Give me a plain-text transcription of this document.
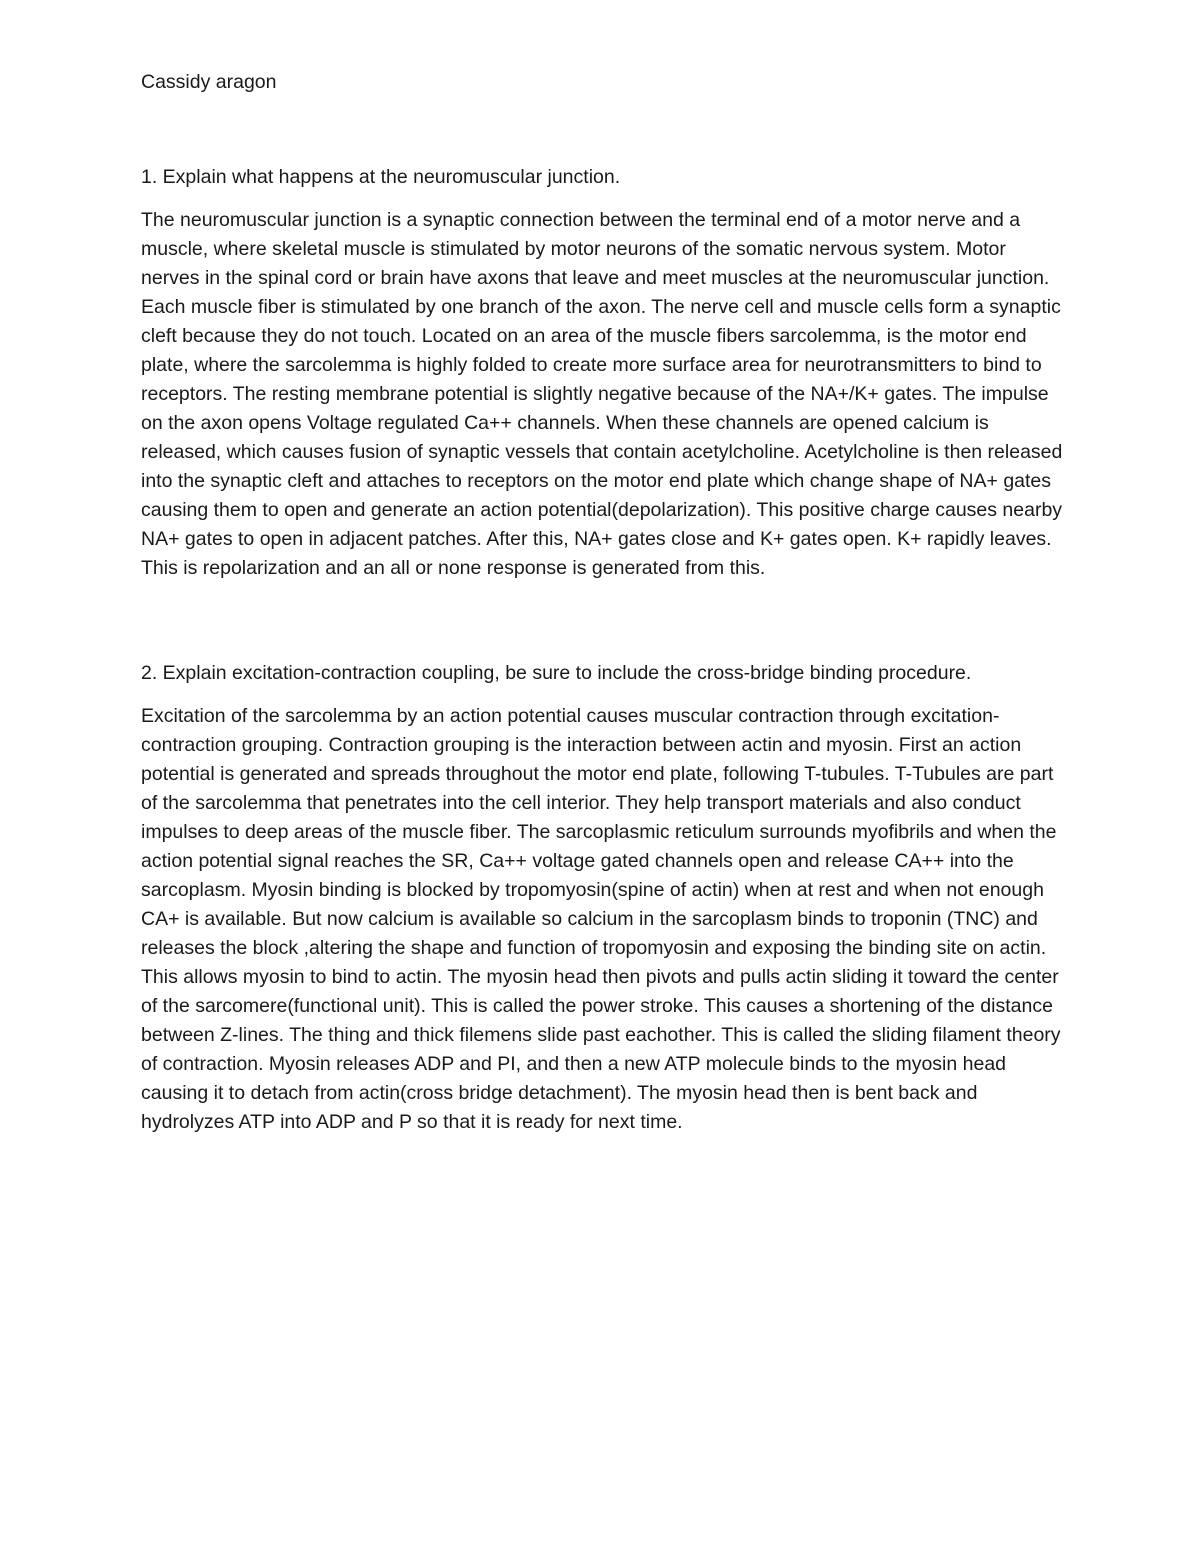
Cassidy aragon

1. Explain what happens at the neuromuscular junction.

The neuromuscular junction is a synaptic connection between the terminal end of a motor nerve and a muscle, where skeletal muscle is stimulated by motor neurons of the somatic nervous system. Motor nerves in the spinal cord or brain have axons that leave and meet muscles at the neuromuscular junction. Each muscle fiber is stimulated by one branch of the axon. The nerve cell and muscle cells form a synaptic cleft because they do not touch. Located on an area of the muscle fibers sarcolemma, is the motor end plate, where the sarcolemma is highly folded to create more surface area for neurotransmitters to bind to receptors. The resting membrane potential is slightly negative because of the NA+/K+ gates. The impulse on the axon opens Voltage regulated Ca++ channels. When these channels are opened calcium is released, which causes fusion of synaptic vessels that contain acetylcholine. Acetylcholine is then released into the synaptic cleft and attaches to receptors on the motor end plate which change shape of NA+ gates causing them to open and generate an action potential(depolarization). This positive charge causes nearby NA+ gates to open in adjacent patches. After this, NA+ gates close and K+ gates open. K+ rapidly leaves. This is repolarization and an all or none response is generated from this.

2. Explain excitation-contraction coupling, be sure to include the cross-bridge binding procedure.

Excitation of the sarcolemma by an action potential causes muscular contraction through excitation-contraction grouping. Contraction grouping is the interaction between actin and myosin. First an action potential is generated and spreads throughout the motor end plate, following T-tubules. T-Tubules are part of the sarcolemma that penetrates into the cell interior. They help transport materials and also conduct impulses to deep areas of the muscle fiber. The sarcoplasmic reticulum surrounds myofibrils and when the action potential signal reaches the SR, Ca++ voltage gated channels open and release CA++ into the sarcoplasm. Myosin binding is blocked by tropomyosin(spine of actin) when at rest and when not enough CA+ is available. But now calcium is available so calcium in the sarcoplasm binds to troponin (TNC) and releases the block ,altering the shape and function of tropomyosin and exposing the binding site on actin. This allows myosin to bind to actin. The myosin head then pivots and pulls actin sliding it toward the center of the sarcomere(functional unit). This is called the power stroke. This causes a shortening of the distance between Z-lines. The thing and thick filemens slide past eachother. This is called the sliding filament theory of contraction. Myosin releases ADP and PI, and then a new ATP molecule binds to the myosin head causing it to detach from actin(cross bridge detachment). The myosin head then is bent back and hydrolyzes ATP into ADP and P so that it is ready for next time.
